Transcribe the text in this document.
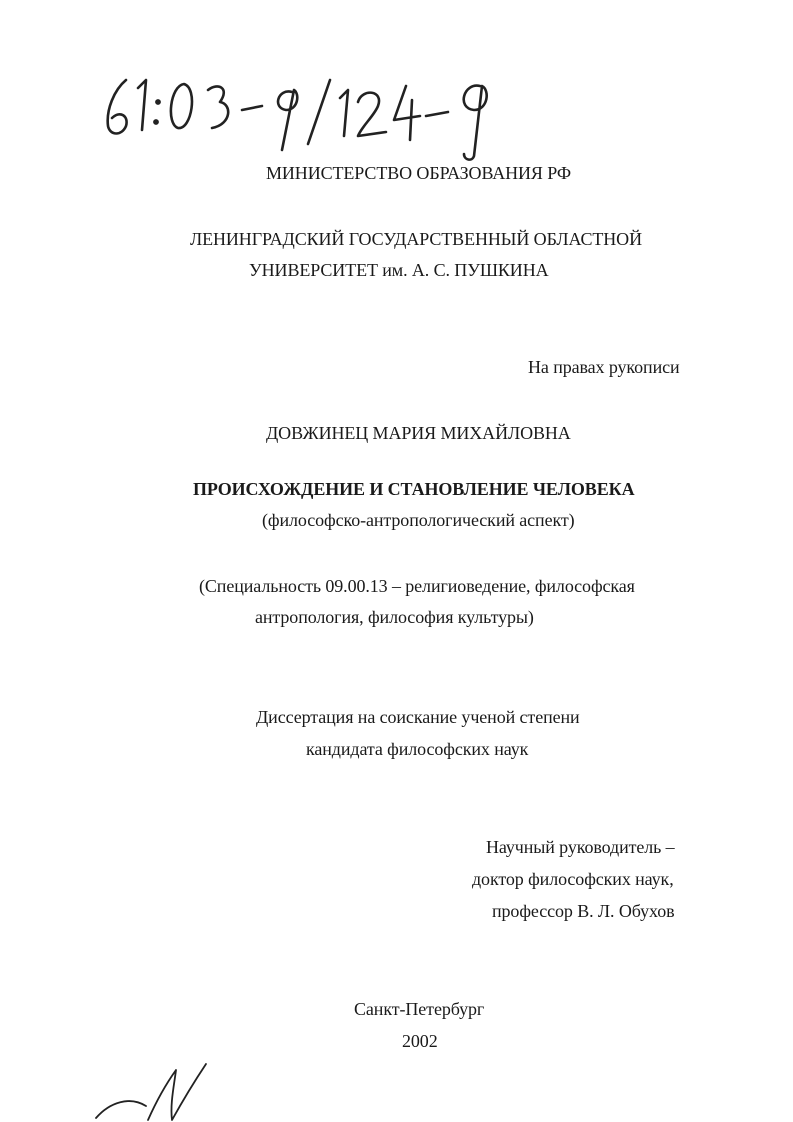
МИНИСТЕРСТВО ОБРАЗОВАНИЯ РФ
ЛЕНИНГРАДСКИЙ ГОСУДАРСТВЕННЫЙ ОБЛАСТНОЙ
УНИВЕРСИТЕТ им. А. С. ПУШКИНА
На правах рукописи
ДОВЖИНЕЦ МАРИЯ МИХАЙЛОВНА
ПРОИСХОЖДЕНИЕ И СТАНОВЛЕНИЕ ЧЕЛОВЕКА
(философско-антропологический аспект)
(Специальность 09.00.13 – религиоведение, философская
антропология, философия культуры)
Диссертация на соискание ученой степени
кандидата философских наук
Научный руководитель –
доктор философских наук,
профессор В. Л. Обухов
Санкт-Петербург
2002
